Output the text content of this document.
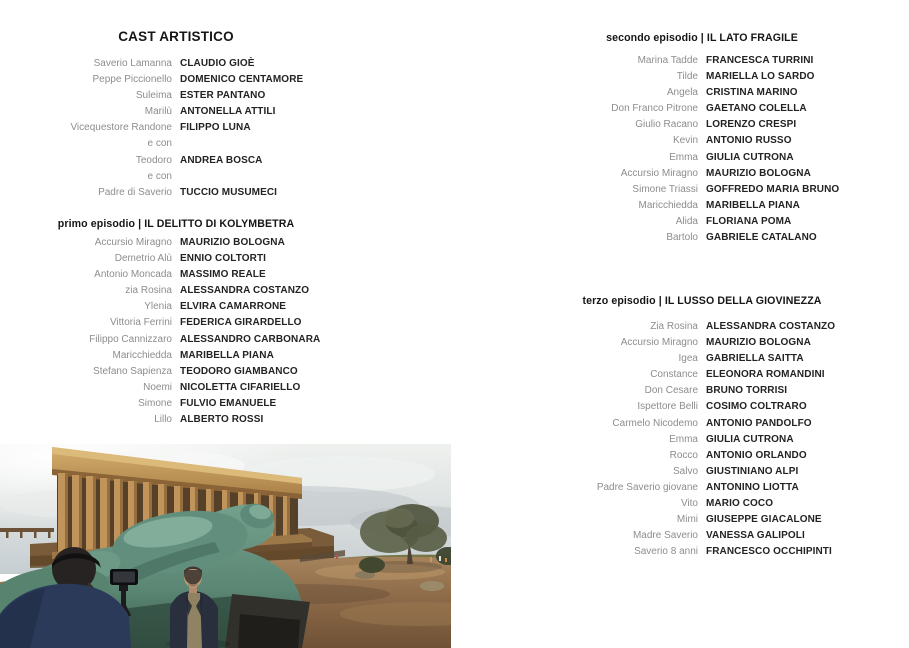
CAST ARTISTICO
Saverio Lamanna CLAUDIO GIOÈ
Peppe Piccionello DOMENICO CENTAMORE
Suleima ESTER PANTANO
Marilù ANTONELLA ATTILI
Vicequestore Randone FILIPPO LUNA
e con
Teodoro ANDREA BOSCA
e con
Padre di Saverio TUCCIO MUSUMECI
primo episodio | IL DELITTO DI KOLYMBETRA
Accursio Miragno MAURIZIO BOLOGNA
Demetrio Alù ENNIO COLTORTI
Antonio Moncada MASSIMO REALE
zia Rosina ALESSANDRA COSTANZO
Ylenia ELVIRA CAMARRONE
Vittoria Ferrini FEDERICA GIRARDELLO
Filippo Cannizzaro ALESSANDRO CARBONARA
Maricchiedda MARIBELLA PIANA
Stefano Sapienza TEODORO GIAMBANCO
Noemi NICOLETTA CIFARIELLO
Simone FULVIO EMANUELE
Lillo ALBERTO ROSSI
secondo episodio | IL LATO FRAGILE
Marina Tadde FRANCESCA TURRINI
Tilde MARIELLA LO SARDO
Angela CRISTINA MARINO
Don Franco Pitrone GAETANO COLELLA
Giulio Racano LORENZO CRESPI
Kevin ANTONIO RUSSO
Emma GIULIA CUTRONA
Accursio Miragno MAURIZIO BOLOGNA
Simone Triassi GOFFREDO MARIA BRUNO
Maricchiedda MARIBELLA PIANA
Alida FLORIANA POMA
Bartolo GABRIELE CATALANO
terzo episodio | IL LUSSO DELLA GIOVINEZZA
Zia Rosina ALESSANDRA COSTANZO
Accursio Miragno MAURIZIO BOLOGNA
Igea GABRIELLA SAITTA
Constance ELEONORA ROMANDINI
Don Cesare BRUNO TORRISI
Ispettore Belli COSIMO COLTRARO
Carmelo Nicodemo ANTONIO PANDOLFO
Emma GIULIA CUTRONA
Rocco ANTONIO ORLANDO
Salvo GIUSTINIANO ALPI
Padre Saverio giovane ANTONINO LIOTTA
Vito MARIO COCO
Mimi GIUSEPPE GIACALONE
Madre Saverio VANESSA GALIPOLI
Saverio 8 anni FRANCESCO OCCHIPINTI
